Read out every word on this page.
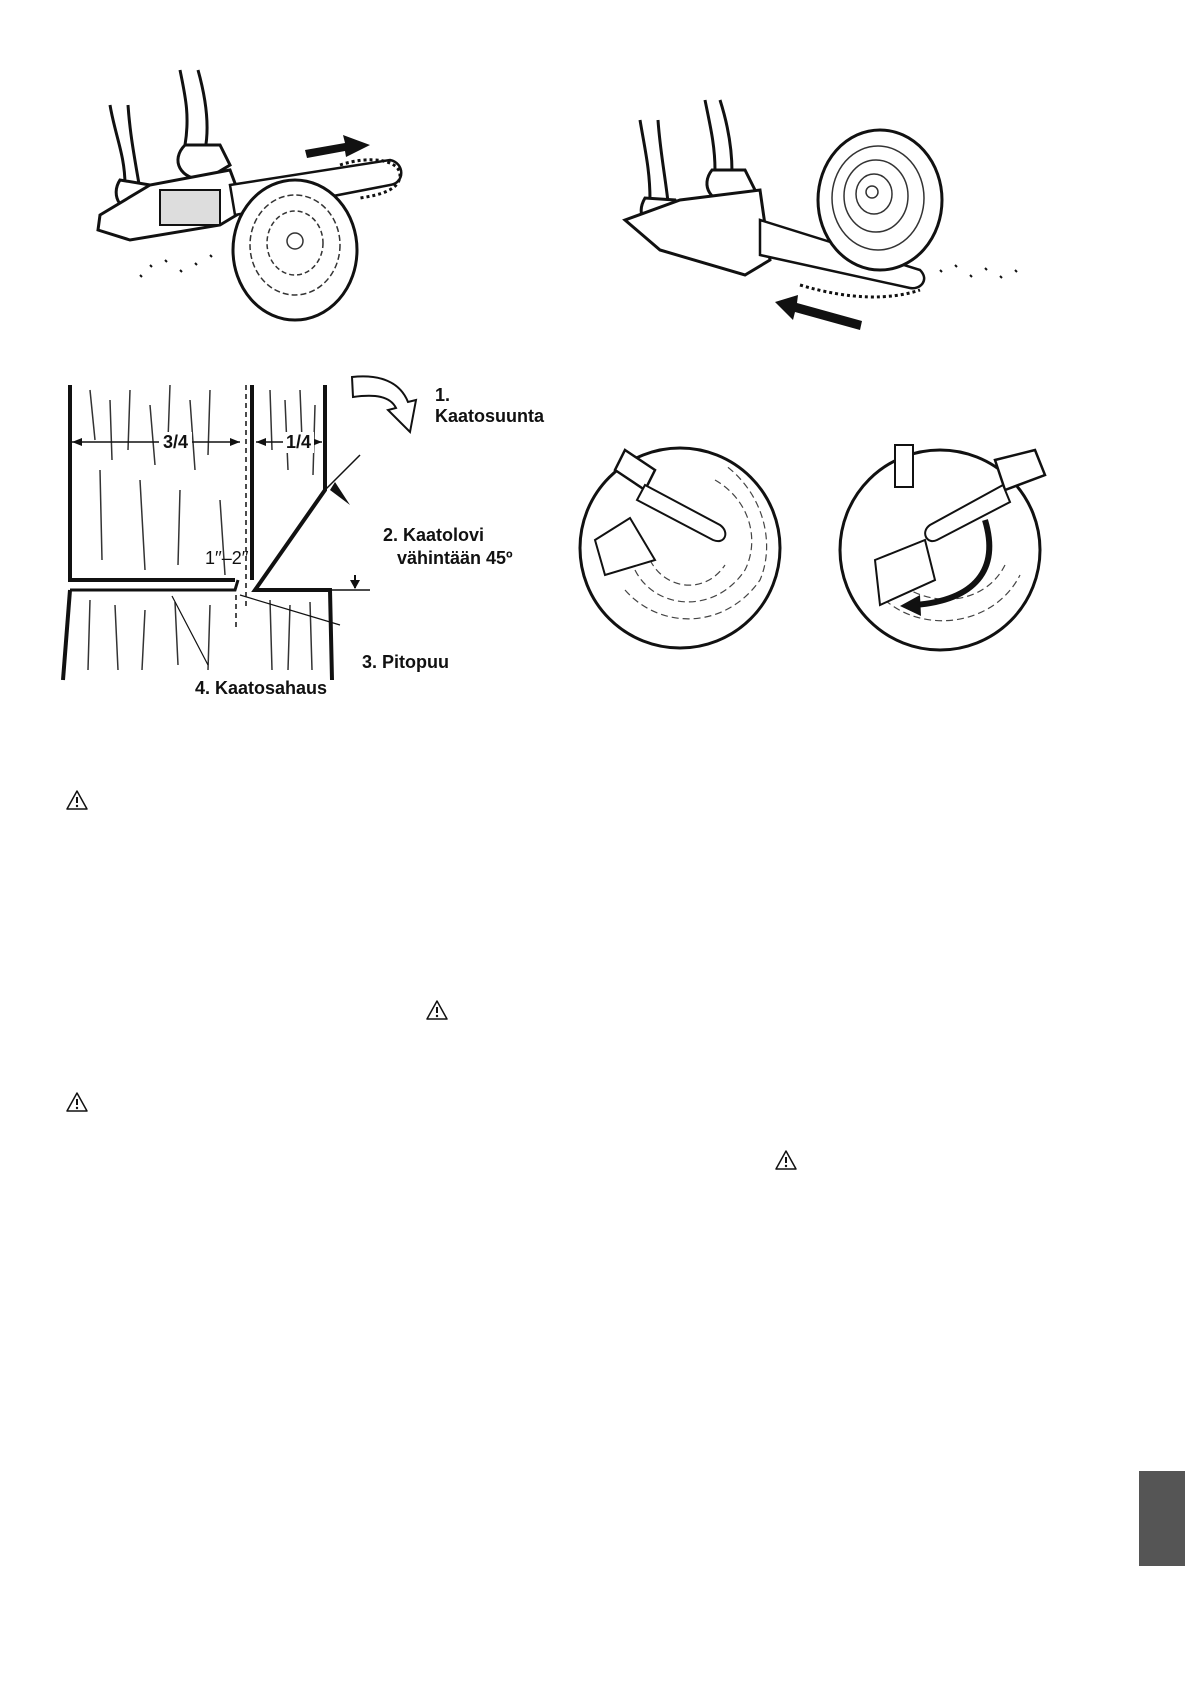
1.
Kaatosuunta
3/4	1/4
2. Kaatolovi
vähintään 45º
1′′–2′′
3. Pitopuu
4. Kaatosahaus
